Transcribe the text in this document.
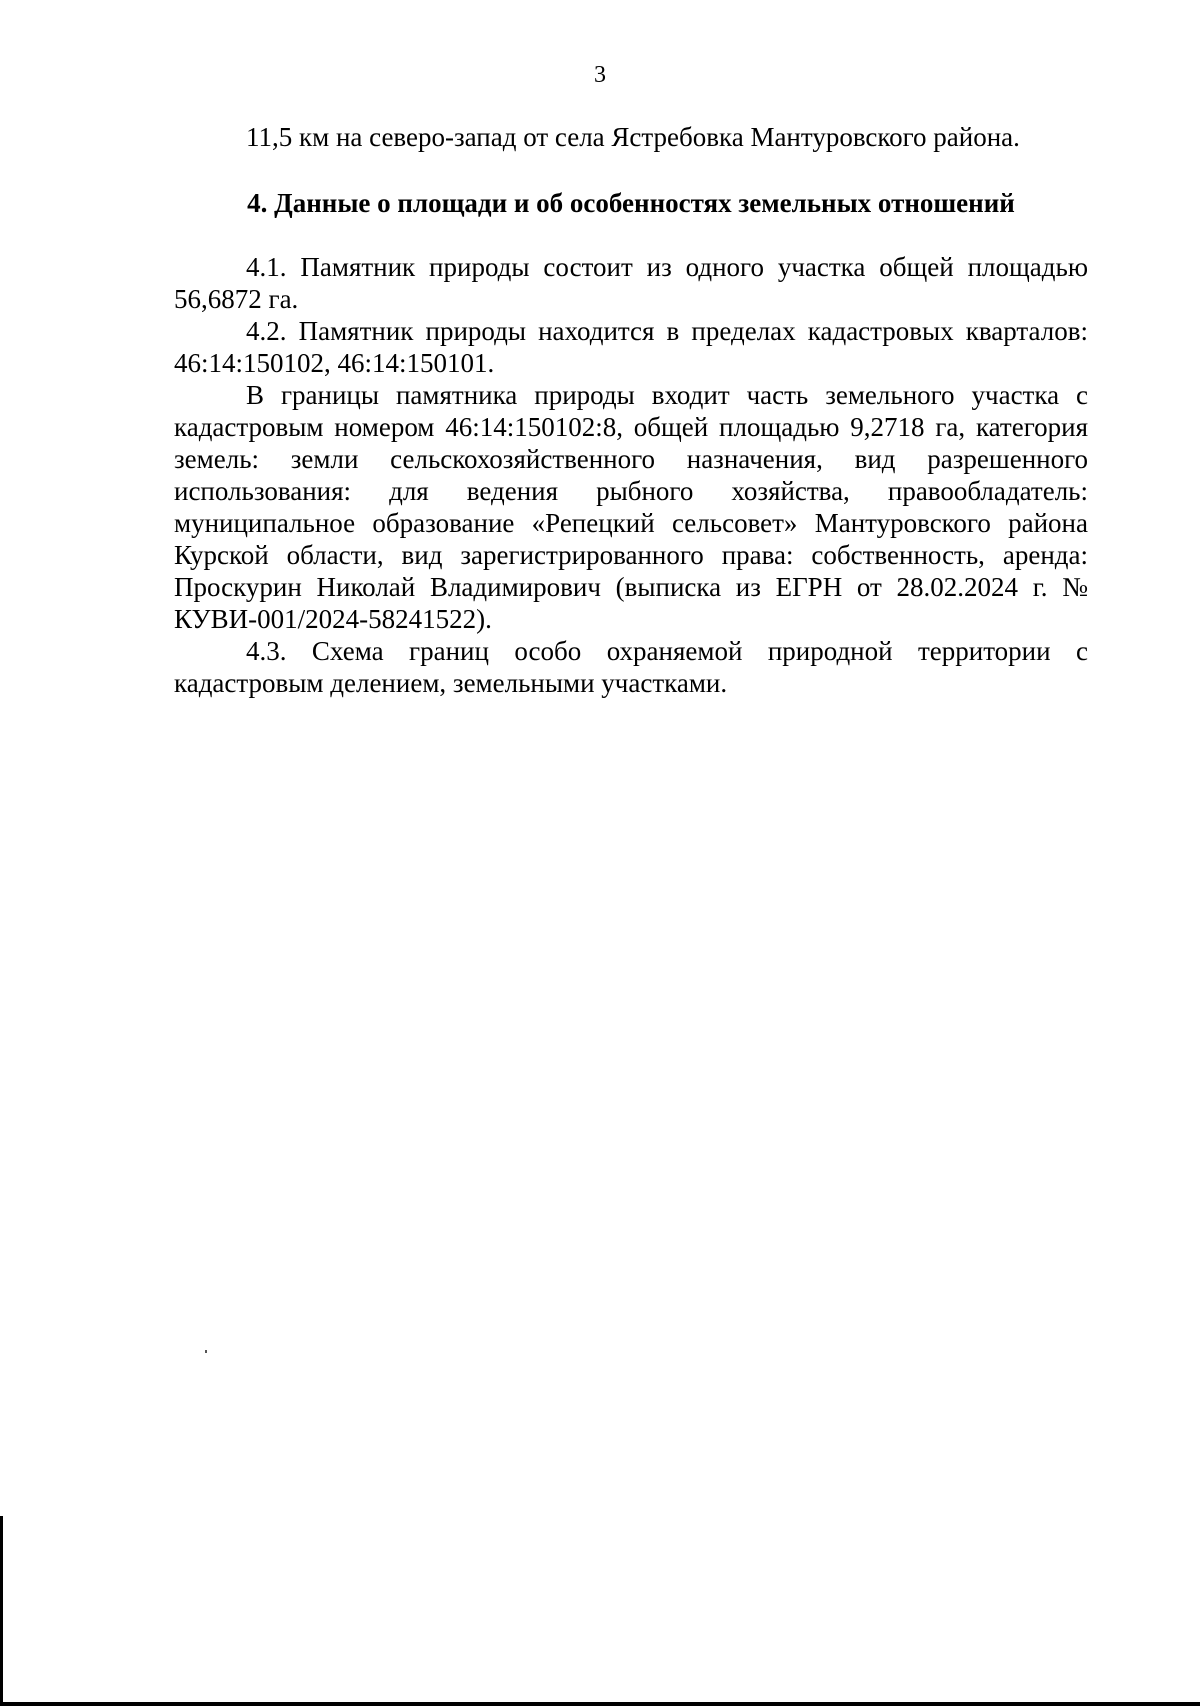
3

11,5 км на северо-запад от села Ястребовка Мантуровского района.

4. Данные о площади и об особенностях земельных отношений

4.1. Памятник природы состоит из одного участка общей площадью 56,6872 га.

4.2. Памятник природы находится в пределах кадастровых кварталов: 46:14:150102, 46:14:150101.

В границы памятника природы входит часть земельного участка с кадастровым номером 46:14:150102:8, общей площадью 9,2718 га, категория земель: земли сельскохозяйственного назначения, вид разрешенного использования: для ведения рыбного хозяйства, правообладатель: муниципальное образование «Репецкий сельсовет» Мантуровского района Курской области, вид зарегистрированного права: собственность, аренда: Проскурин Николай Владимирович (выписка из ЕГРН от 28.02.2024 г. № КУВИ-001/2024-58241522).

4.3. Схема границ особо охраняемой природной территории с кадастровым делением, земельными участками.
